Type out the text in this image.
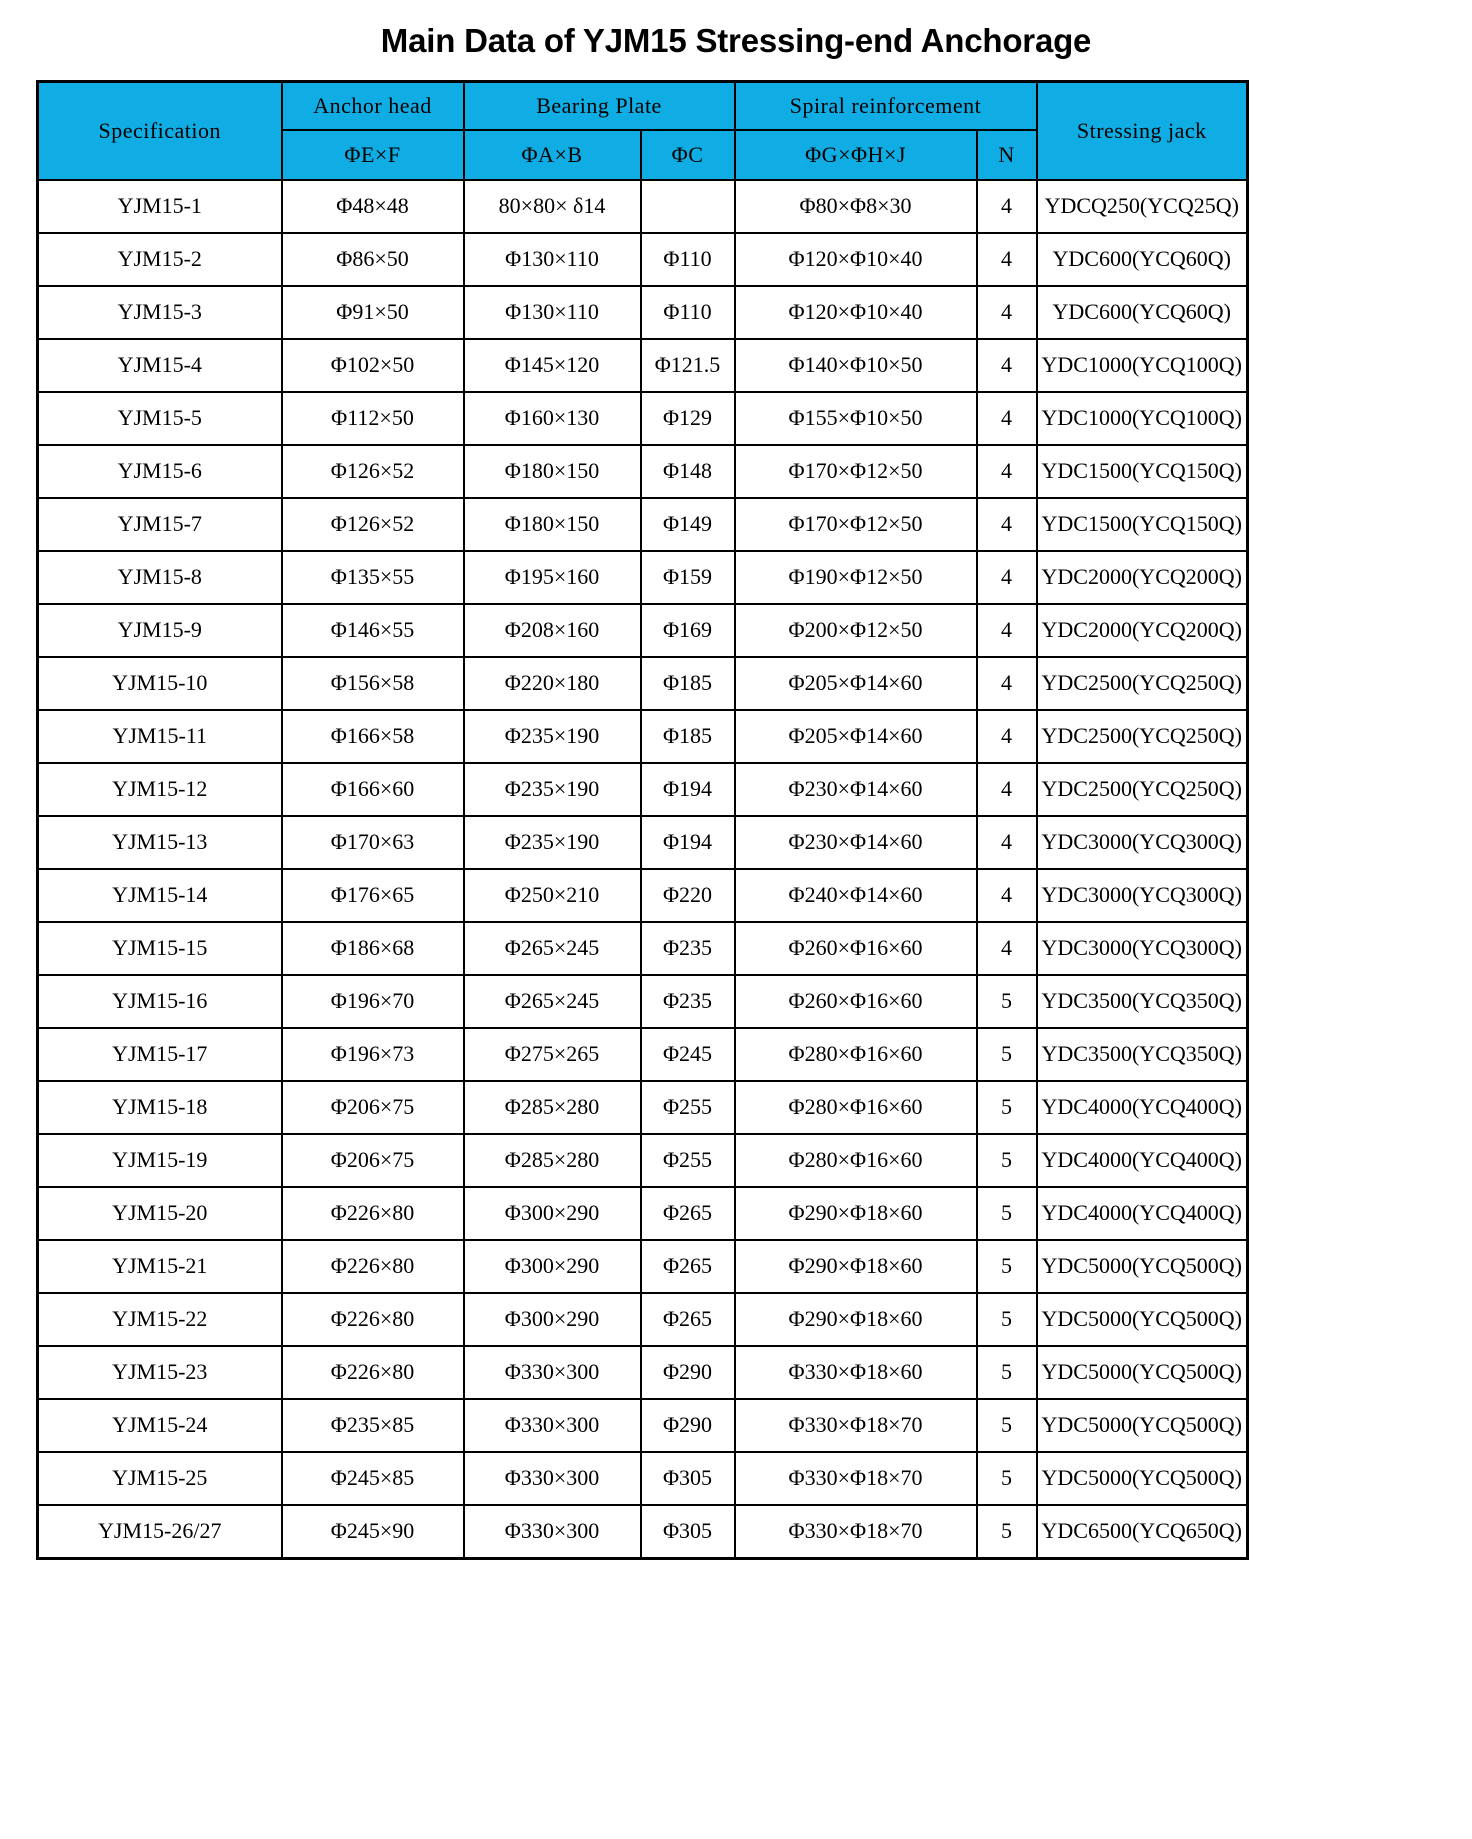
Main Data of YJM15 Stressing-end Anchorage
Specification	Anchor head	Bearing Plate		Spiral reinforcement		Stressing jack
	ΦE×F	ΦA×B	ΦC	ΦG×ΦH×J	N	
YJM15-1	Φ48×48	80×80× δ14		Φ80×Φ8×30	4	YDCQ250(YCQ25Q)
YJM15-2	Φ86×50	Φ130×110	Φ110	Φ120×Φ10×40	4	YDC600(YCQ60Q)
YJM15-3	Φ91×50	Φ130×110	Φ110	Φ120×Φ10×40	4	YDC600(YCQ60Q)
YJM15-4	Φ102×50	Φ145×120	Φ121.5	Φ140×Φ10×50	4	YDC1000(YCQ100Q)
YJM15-5	Φ112×50	Φ160×130	Φ129	Φ155×Φ10×50	4	YDC1000(YCQ100Q)
YJM15-6	Φ126×52	Φ180×150	Φ148	Φ170×Φ12×50	4	YDC1500(YCQ150Q)
YJM15-7	Φ126×52	Φ180×150	Φ149	Φ170×Φ12×50	4	YDC1500(YCQ150Q)
YJM15-8	Φ135×55	Φ195×160	Φ159	Φ190×Φ12×50	4	YDC2000(YCQ200Q)
YJM15-9	Φ146×55	Φ208×160	Φ169	Φ200×Φ12×50	4	YDC2000(YCQ200Q)
YJM15-10	Φ156×58	Φ220×180	Φ185	Φ205×Φ14×60	4	YDC2500(YCQ250Q)
YJM15-11	Φ166×58	Φ235×190	Φ185	Φ205×Φ14×60	4	YDC2500(YCQ250Q)
YJM15-12	Φ166×60	Φ235×190	Φ194	Φ230×Φ14×60	4	YDC2500(YCQ250Q)
YJM15-13	Φ170×63	Φ235×190	Φ194	Φ230×Φ14×60	4	YDC3000(YCQ300Q)
YJM15-14	Φ176×65	Φ250×210	Φ220	Φ240×Φ14×60	4	YDC3000(YCQ300Q)
YJM15-15	Φ186×68	Φ265×245	Φ235	Φ260×Φ16×60	4	YDC3000(YCQ300Q)
YJM15-16	Φ196×70	Φ265×245	Φ235	Φ260×Φ16×60	5	YDC3500(YCQ350Q)
YJM15-17	Φ196×73	Φ275×265	Φ245	Φ280×Φ16×60	5	YDC3500(YCQ350Q)
YJM15-18	Φ206×75	Φ285×280	Φ255	Φ280×Φ16×60	5	YDC4000(YCQ400Q)
YJM15-19	Φ206×75	Φ285×280	Φ255	Φ280×Φ16×60	5	YDC4000(YCQ400Q)
YJM15-20	Φ226×80	Φ300×290	Φ265	Φ290×Φ18×60	5	YDC4000(YCQ400Q)
YJM15-21	Φ226×80	Φ300×290	Φ265	Φ290×Φ18×60	5	YDC5000(YCQ500Q)
YJM15-22	Φ226×80	Φ300×290	Φ265	Φ290×Φ18×60	5	YDC5000(YCQ500Q)
YJM15-23	Φ226×80	Φ330×300	Φ290	Φ330×Φ18×60	5	YDC5000(YCQ500Q)
YJM15-24	Φ235×85	Φ330×300	Φ290	Φ330×Φ18×70	5	YDC5000(YCQ500Q)
YJM15-25	Φ245×85	Φ330×300	Φ305	Φ330×Φ18×70	5	YDC5000(YCQ500Q)
YJM15-26/27	Φ245×90	Φ330×300	Φ305	Φ330×Φ18×70	5	YDC6500(YCQ650Q)
